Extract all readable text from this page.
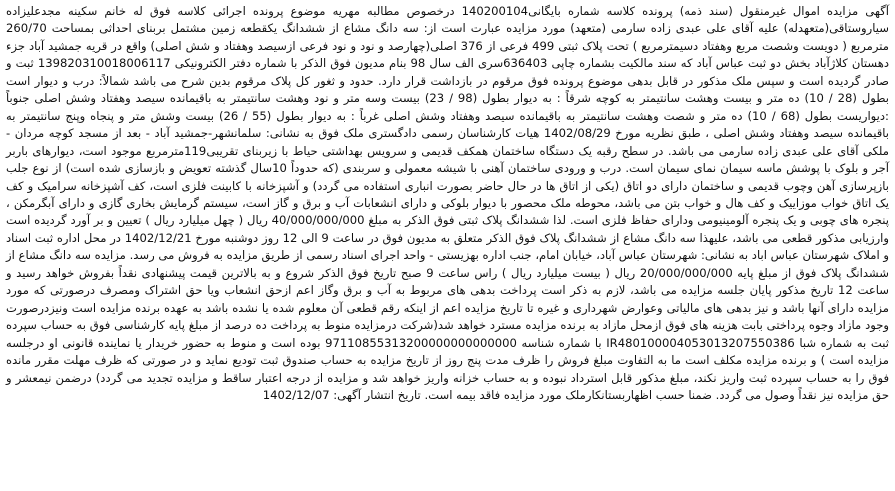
آگهی مزایده اموال غیرمنقول (سند ذمه) پرونده کلاسه شماره بایگانی140200104 درخصوص مطالبه مهریه موضوع پرونده اجرائی کلاسه فوق له خانم سکینه مجدعلیزاده سیاروستاقی(متعهدله) علیه آقای علی عبدی زاده سارمی (متعهد) مورد مزایده عبارت است از: سه دانگ مشاع از ششدانگ یکقطعه زمین مشتمل بربنای احداثی بمساحت 260/70 مترمربع ( دویست وشصت مربع وهفتاد دسیمترمربع ) تحت پلاک ثبتی 499 فرعی از 376 اصلی(چهارصد و نود و نود فرعی ازسیصد وهفتاد و شش اصلی) واقع در قریه جمشید آباد جزء دهستان کلاژآباد بخش دو ثبت عباس آباد که سند مالکیت بشماره چاپی 636403سری الف سال 98 بنام مدیون فوق الذکر با شماره دفتر الکترونیکی 139820310018006117 ثبت و صادر گردیده است و سپس ملک مذکور در قابل بدهی موضوع پرونده فوق مرقوم در بازداشت قرار دارد. حدود و ثغور کل پلاک مرقوم بدین شرح می باشد شمالاً: درب و دیوار است بطول (28 / 10) ده متر و بیست وهشت سانتیمتر به کوچه شرقاً : به دیوار بطول (98 / 23) بیست وسه متر و نود وهشت سانتیمتر به باقیمانده سیصد وهفتاد وشش اصلی جنوباً :دیواریست بطول (68 / 10) ده متر و شصت وهشت سانتیمتر به باقیمانده سیصد وهفتاد وشش اصلی غرباً : به دیوار بطول (55 / 26) بیست وشش متر و پنجاه وپنج سانتیمتر به باقیمانده سیصد وهفتاد وشش اصلی ، طبق نظریه مورخ 1402/08/29 هیات کارشناسان رسمی دادگستری ملک فوق به نشانی: سلمانشهر-جمشید آباد - بعد از مسجد کوچه مردان - ملکی آقای علی عبدی زاده سارمی می باشد. در سطح رقبه یک دستگاه ساختمان همکف قدیمی و سرویس بهداشتی حیاط با زیربنای تقریبی119مترمربع موجود است، دیوارهای باربر آجر و بلوک با پوشش ماسه سیمان نمای سیمان است. درب و ورودی ساختمان آهنی با شیشه معمولی و سربندی (که حدوداً 10سال گذشته تعویض و بازسازی شده است) از نوع جلب بازپرسازی آهن وچوب قدیمی و ساختمان دارای دو اتاق (یکی از اتاق ها در حال حاضر بصورت انباری استفاده می گردد) و آشپزخانه با کابینت فلزی است، کف آشپزخانه سرامیک و کف یک اتاق خواب موزاییک و کف هال و خواب بتن می باشد، محوطه ملک محصور با دیوار بلوکی و دارای انشعابات آب و برق و گاز است، سیستم گرمایش بخاری گازی و دارای آبگرمکن ، پنجره های چوبی و یک پنجره آلومینیومی ودارای حفاظ فلزی است. لذا ششدانگ پلاک ثبتی فوق الذکر به مبلغ 40/000/000/000 ریال ( چهل میلیارد ریال ) تعیین و بر آورد گردیده است وارزیابی مذکور قطعی می باشد، علیهذا سه دانگ مشاع از ششدانگ پلاک فوق الذکر متعلق به مدیون فوق در ساعت 9 الی 12 روز دوشنبه مورخ 1402/12/21 در محل اداره ثبت اسناد و املاک شهرستان عباس اباد به نشانی: شهرستان عباس آباد، خیابان امام، جنب اداره بهزیستی - واحد اجرای اسناد رسمی از طریق مزایده به فروش می رسد. مزایده سه دانگ مشاع از ششدانگ پلاک فوق از مبلغ پایه 20/000/000/000 ریال ( بیست میلیارد ریال ) راس ساعت 9 صبح تاریخ فوق الذکر شروع و به بالاترین قیمت پیشنهادی نقداً بفروش خواهد رسید و ساعت 12 تاریخ مذکور پایان جلسه مزایده می باشد، لازم به ذکر است پرداخت بدهی های مربوط به آب و برق وگاز اعم ازحق انشعاب ویا حق اشتراک ومصرف درصورتی که مورد مزایده دارای آنها باشد و نیز بدهی های مالیاتی وعوارض شهرداری و غیره تا تاریخ مزایده اعم از اینکه رقم قطعی آن معلوم شده یا نشده باشد به عهده برنده مزایده است ونیزدرصورت وجود مازاد وجوه پرداختی بابت هزینه های فوق ازمحل مازاد به برنده مزایده مسترد خواهد شد(شرکت درمزایده منوط به پرداخت ده درصد از مبلغ پایه کارشناسی فوق به حساب سپرده ثبت به شماره شبا IR480100004053013207550386 با شماره شناسه 97110855313200000000000000 بوده است و منوط به حضور خریدار یا نماینده قانونی او درجلسه مزایده است ) و برنده مزایده مکلف است ما به التفاوت مبلغ فروش را ظرف مدت پنج روز از تاریخ مزایده به حساب صندوق ثبت تودیع نماید و در صورتی که ظرف مهلت مقرر مانده فوق را به حساب سپرده ثبت واریز نکند، مبلغ مذکور قابل استرداد نبوده و به حساب خزانه واریز خواهد شد و مزایده از درجه اعتبار ساقط و مزایده تجدید می گردد) درضمن نیمعشر و حق مزایده نیز نقداً وصول می گردد. ضمنا حسب اظهاربستانکارملک مورد مزایده فاقد بیمه است. تاریخ انتشار آگهی: 1402/12/07
